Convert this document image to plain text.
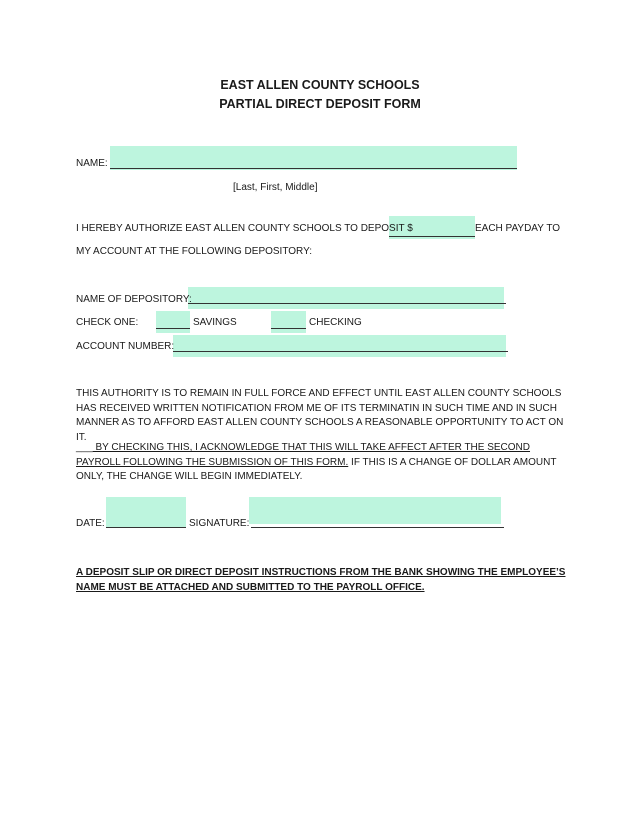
EAST ALLEN COUNTY SCHOOLS
PARTIAL DIRECT DEPOSIT FORM
NAME:
[Last, First, Middle]
I HEREBY AUTHORIZE EAST ALLEN COUNTY SCHOOLS TO DEPOSIT $	EACH PAYDAY TO
MY ACCOUNT AT THE FOLLOWING DEPOSITORY:
NAME OF DEPOSITORY:
CHECK ONE:	SAVINGS	CHECKING
ACCOUNT NUMBER:
THIS AUTHORITY IS TO REMAIN IN FULL FORCE AND EFFECT UNTIL EAST ALLEN COUNTY SCHOOLS HAS RECEIVED WRITTEN NOTIFICATION FROM ME OF ITS TERMINATIN IN SUCH TIME AND IN SUCH MANNER AS TO AFFORD EAST ALLEN COUNTY SCHOOLS A REASONABLE OPPORTUNITY TO ACT ON IT.
___ BY CHECKING THIS, I ACKNOWLEDGE THAT THIS WILL TAKE AFFECT AFTER THE SECOND PAYROLL FOLLOWING THE SUBMISSION OF THIS FORM. IF THIS IS A CHANGE OF DOLLAR AMOUNT ONLY, THE CHANGE WILL BEGIN IMMEDIATELY.
DATE:	SIGNATURE:
A DEPOSIT SLIP OR DIRECT DEPOSIT INSTRUCTIONS FROM THE BANK SHOWING THE EMPLOYEE’S NAME MUST BE ATTACHED AND SUBMITTED TO THE PAYROLL OFFICE.
